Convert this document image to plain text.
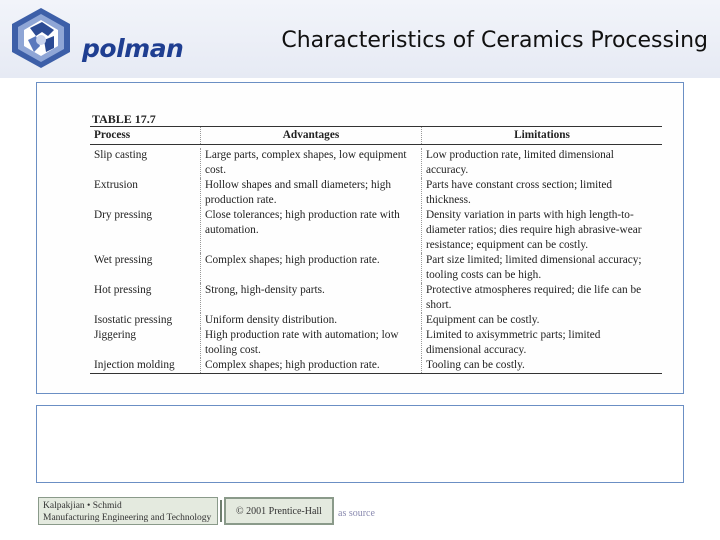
polman	Characteristics of Ceramics Processing
TABLE 17.7
Process	Advantages	Limitations

Slip casting	Large parts, complex shapes, low equipment cost.	Low production rate, limited dimensional accuracy.
Extrusion	Hollow shapes and small diameters; high production rate.	Parts have constant cross section; limited thickness.
Dry pressing	Close tolerances; high production rate with automation.	Density variation in parts with high length-to-diameter ratios; dies require high abrasive-wear resistance; equipment can be costly.
Wet pressing	Complex shapes; high production rate.	Part size limited; limited dimensional accuracy; tooling costs can be high.
Hot pressing	Strong, high-density parts.	Protective atmospheres required; die life can be short.
Isostatic pressing	Uniform density distribution.	Equipment can be costly.
Jiggering	High production rate with automation; low tooling cost.	Limited to axisymmetric parts; limited dimensional accuracy.
Injection molding	Complex shapes; high production rate.	Tooling can be costly.
Kalpakjian • Schmid
Manufacturing Engineering and Technology
© 2001 Prentice-Hall	as source
